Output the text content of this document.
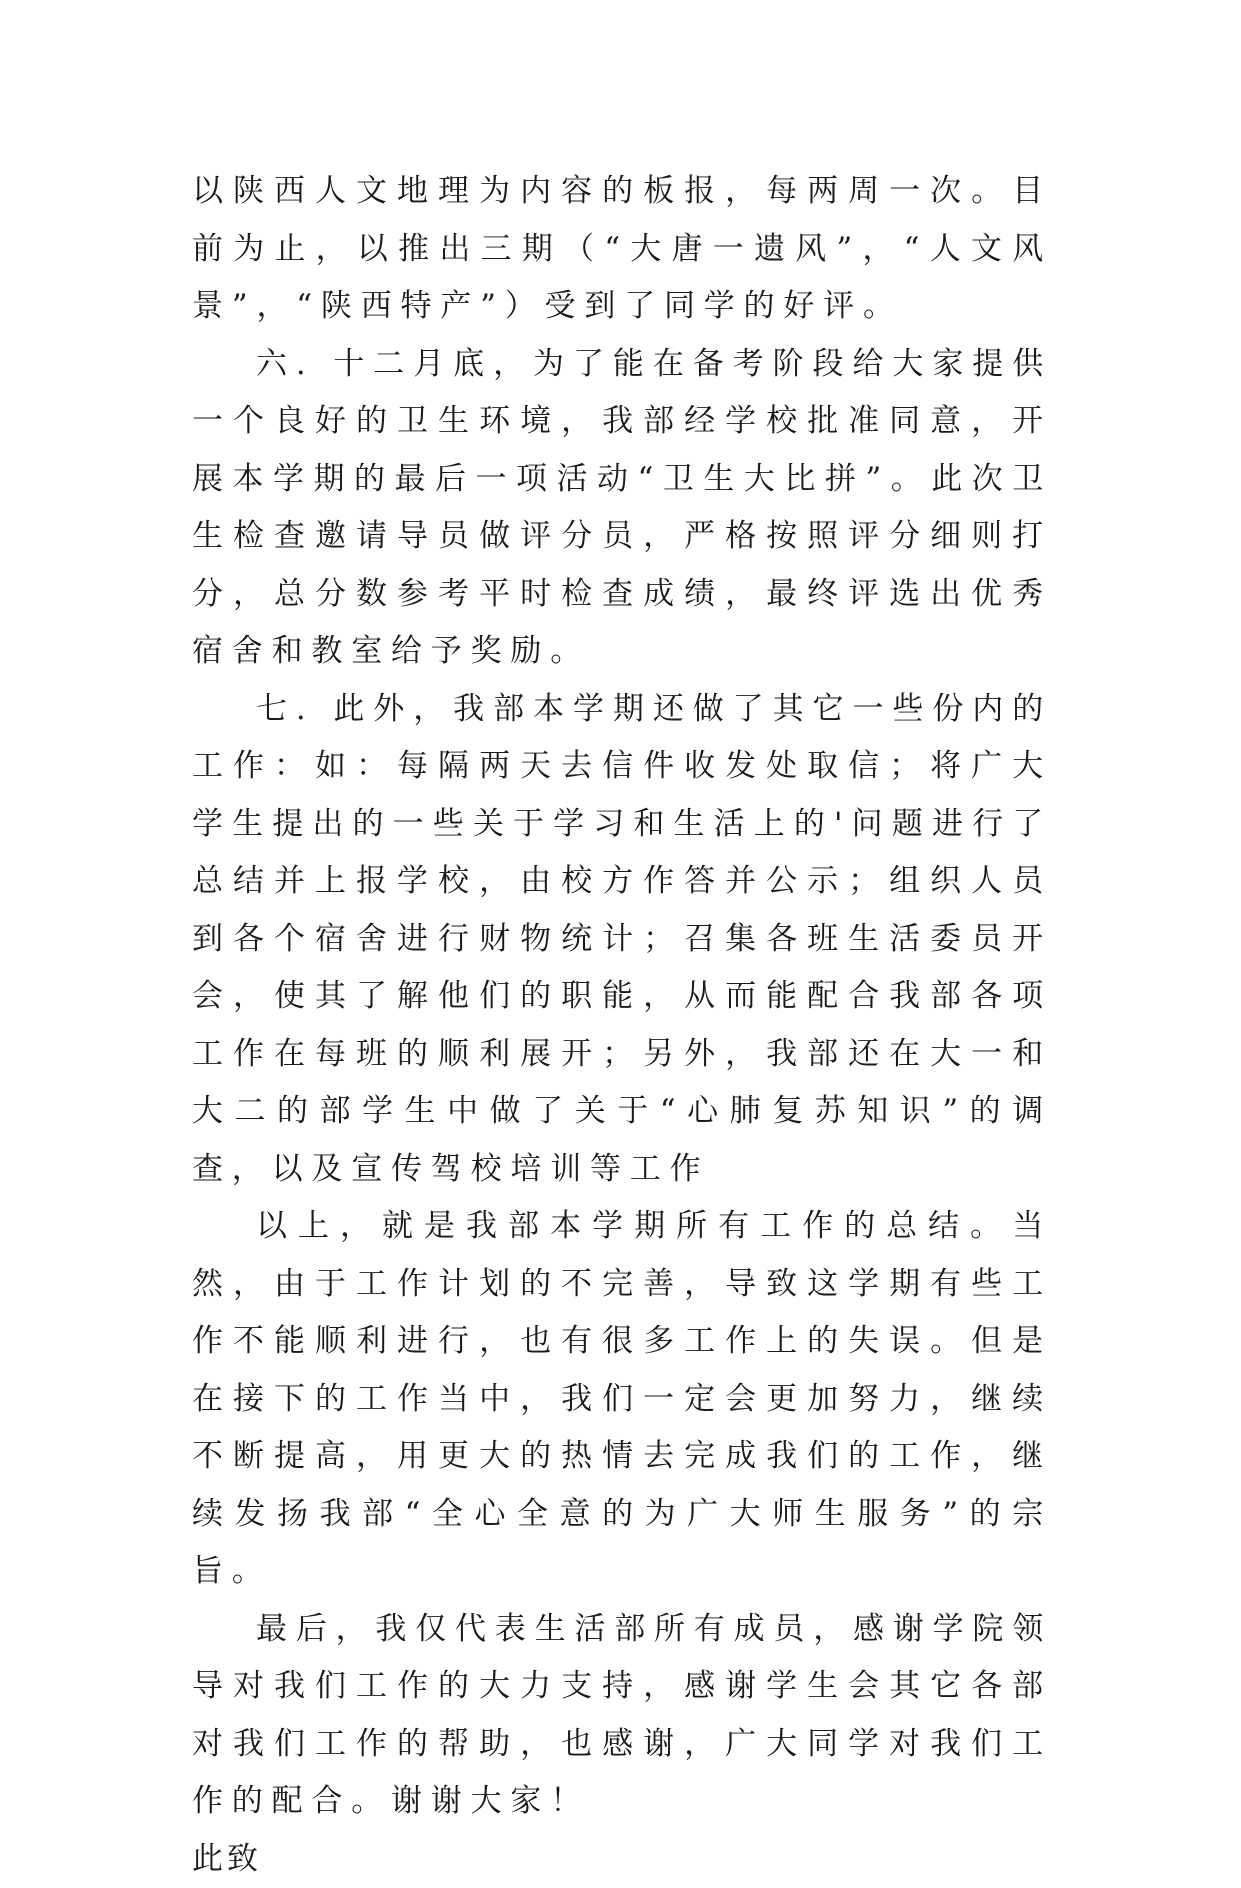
以陕西人文地理为内容的板报，每两周一次。目前为止，以推出三期（“大唐一遗风”，“人文风景”，“陕西特产”）受到了同学的好评。

六. 十二月底，为了能在备考阶段给大家提供一个良好的卫生环境，我部经学校批准同意，开展本学期的最后一项活动“卫生大比拼”。此次卫生检查邀请导员做评分员，严格按照评分细则打分，总分数参考平时检查成绩，最终评选出优秀宿舍和教室给予奖励。

七. 此外，我部本学期还做了其它一些份内的工作：如：每隔两天去信件收发处取信；将广大学生提出的一些关于学习和生活上的'问题进行了总结并上报学校，由校方作答并公示；组织人员到各个宿舍进行财物统计；召集各班生活委员开会，使其了解他们的职能，从而能配合我部各项工作在每班的顺利展开；另外，我部还在大一和大二的部学生中做了关于“心肺复苏知识”的调查，以及宣传驾校培训等工作

以上，就是我部本学期所有工作的总结。当然，由于工作计划的不完善，导致这学期有些工作不能顺利进行，也有很多工作上的失误。但是在接下的工作当中，我们一定会更加努力，继续不断提高，用更大的热情去完成我们的工作，继续发扬我部“全心全意的为广大师生服务”的宗旨。

最后，我仅代表生活部所有成员，感谢学院领导对我们工作的大力支持，感谢学生会其它各部对我们工作的帮助，也感谢，广大同学对我们工作的配合。谢谢大家！

此致
